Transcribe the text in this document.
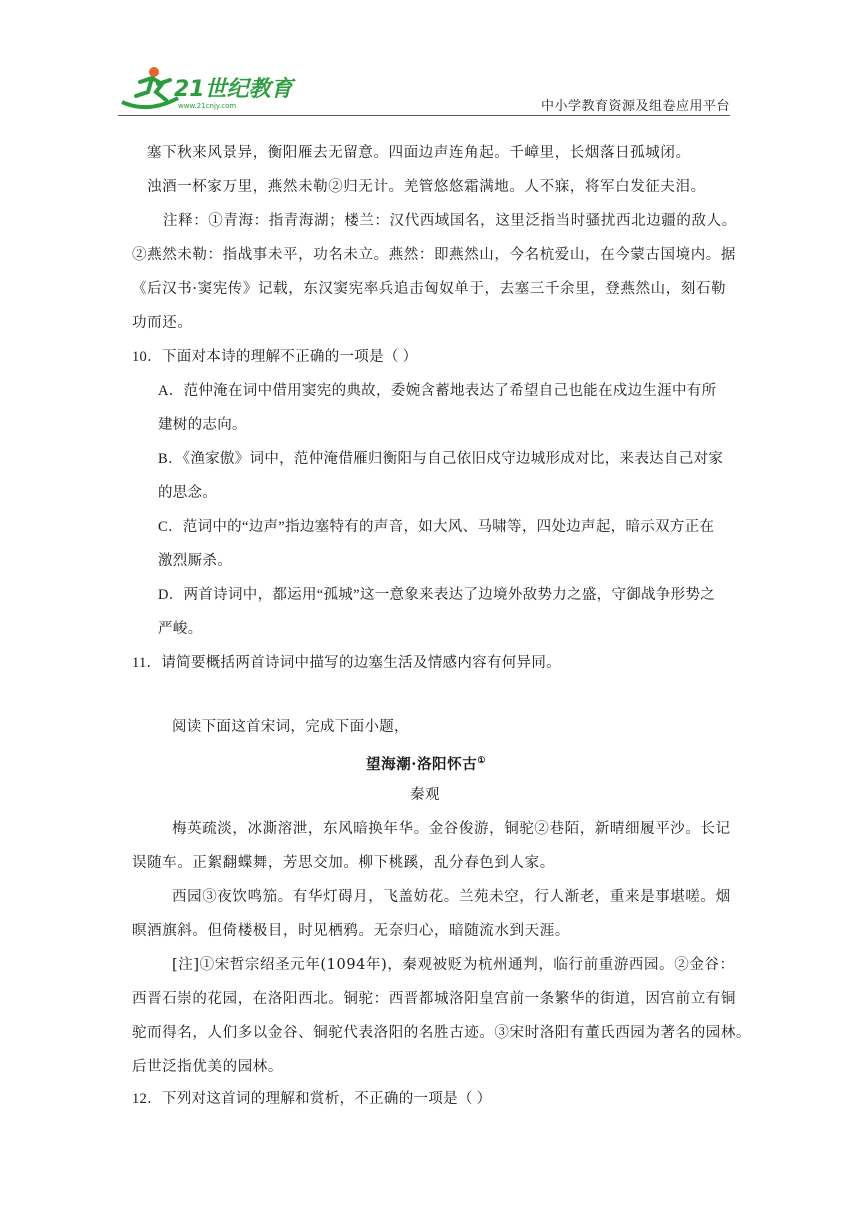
21世纪教育
www.21cnjy.com	中小学教育资源及组卷应用平台
塞下秋来风景异，衡阳雁去无留意。四面边声连角起。千嶂里，长烟落日孤城闭。
浊酒一杯家万里，燕然未勒②归无计。羌管悠悠霜满地。人不寐，将军白发征夫泪。
注释：①青海：指青海湖；楼兰：汉代西域国名，这里泛指当时骚扰西北边疆的敌人。
②燕然未勒：指战事未平，功名未立。燕然：即燕然山，今名杭爱山，在今蒙古国境内。据
《后汉书·窦宪传》记载，东汉窦宪率兵追击匈奴单于，去塞三千余里，登燕然山，刻石勒
功而还。
10．下面对本诗的理解不正确的一项是（ ）
A．范仲淹在词中借用窦宪的典故，委婉含蓄地表达了希望自己也能在戍边生涯中有所
建树的志向。
B．《渔家傲》词中，范仲淹借雁归衡阳与自己依旧戍守边城形成对比，来表达自己对家
的思念。
C．范词中的“边声”指边塞特有的声音，如大风、马啸等，四处边声起，暗示双方正在
激烈厮杀。
D．两首诗词中，都运用“孤城”这一意象来表达了边境外敌势力之盛，守御战争形势之
严峻。
11．请简要概括两首诗词中描写的边塞生活及情感内容有何异同。
阅读下面这首宋词，完成下面小题，
望海潮·洛阳怀古①
秦观
梅英疏淡，冰澌溶泄，东风暗换年华。金谷俊游，铜驼②巷陌，新晴细履平沙。长记
误随车。正絮翻蝶舞，芳思交加。柳下桃蹊，乱分春色到人家。
西园③夜饮鸣笳。有华灯碍月，飞盖妨花。兰苑未空，行人渐老，重来是事堪嗟。烟
暝酒旗斜。但倚楼极目，时见栖鸦。无奈归心，暗随流水到天涯。
[注]①宋哲宗绍圣元年(1094年)，秦观被贬为杭州通判，临行前重游西园。②金谷：
西晋石崇的花园，在洛阳西北。铜驼：西晋都城洛阳皇宫前一条繁华的街道，因宫前立有铜
驼而得名，人们多以金谷、铜驼代表洛阳的名胜古迹。③宋时洛阳有董氏西园为著名的园林。
后世泛指优美的园林。
12．下列对这首词的理解和赏析，不正确的一项是（ ）
